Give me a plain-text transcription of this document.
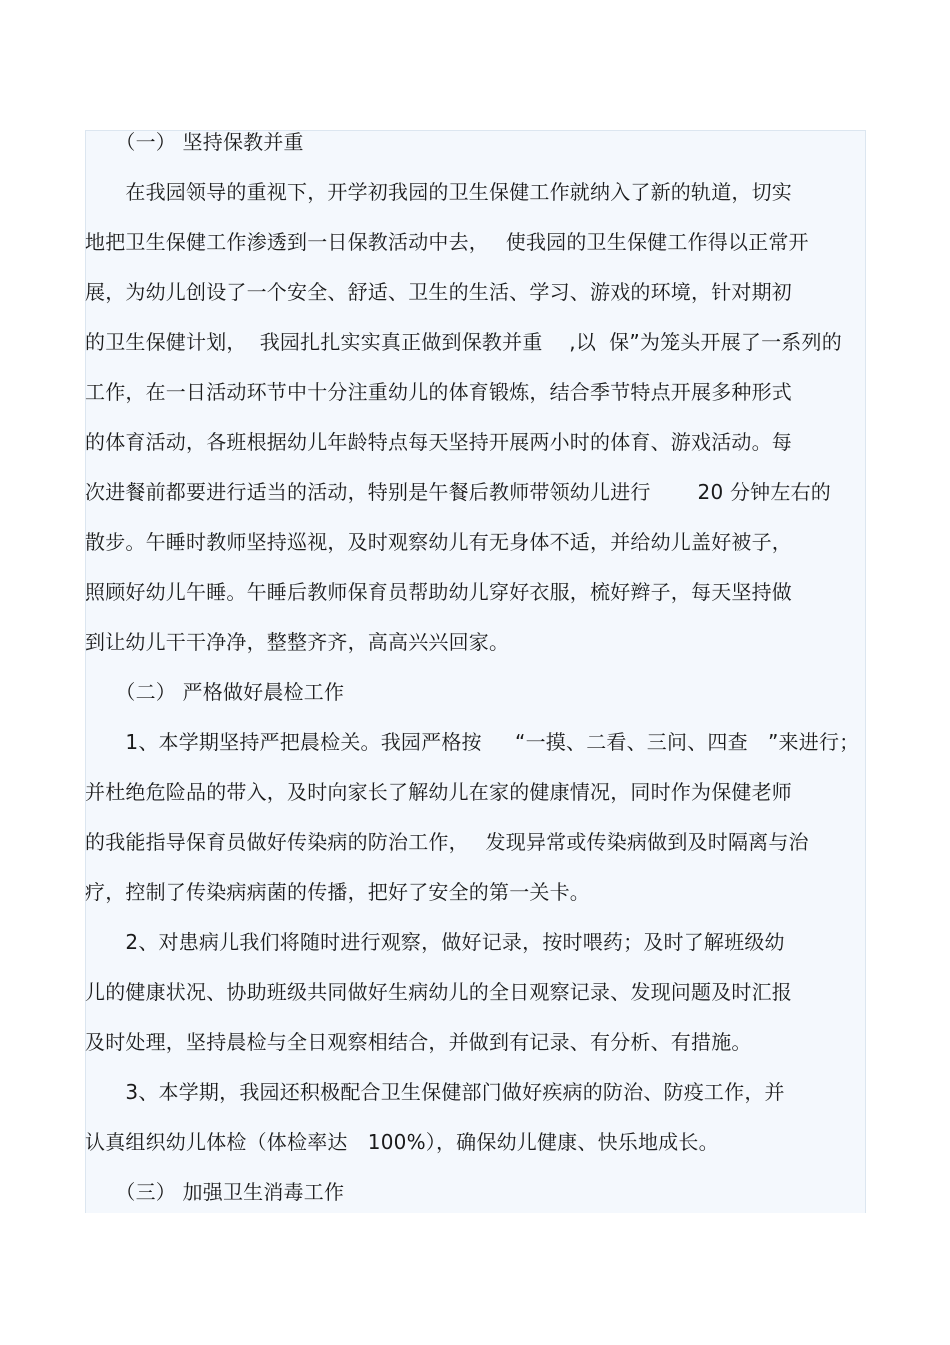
　　（一） 坚持保教并重
　　在我园领导的重视下，开学初我园的卫生保健工作就纳入了新的轨道，切实
地把卫生保健工作渗透到一日保教活动中去，　 使我园的卫生保健工作得以正常开
展，为幼儿创设了一个安全、舒适、卫生的生活、学习、游戏的环境，针对期初
的卫生保健计划，  我园扎扎实实真正做到保教并重　 ,以  保”为笼头开展了一系列的
工作，在一日活动环节中十分注重幼儿的体育锻炼，结合季节特点开展多种形式
的体育活动，各班根据幼儿年龄特点每天坚持开展两小时的体育、游戏活动。每
次进餐前都要进行适当的活动，特别是午餐后教师带领幼儿进行　　 20 分钟左右的
散步。午睡时教师坚持巡视，及时观察幼儿有无身体不适，并给幼儿盖好被子，
照顾好幼儿午睡。午睡后教师保育员帮助幼儿穿好衣服，梳好辫子，每天坚持做
到让幼儿干干净净，整整齐齐，高高兴兴回家。
　　（二） 严格做好晨检工作
　　1、本学期坚持严把晨检关。我园严格按　  “一摸、二看、三问、四查　”来进行；
并杜绝危险品的带入，及时向家长了解幼儿在家的健康情况，同时作为保健老师
的我能指导保育员做好传染病的防治工作，　 发现异常或传染病做到及时隔离与治
疗，控制了传染病病菌的传播，把好了安全的第一关卡。
　　2、对患病儿我们将随时进行观察，做好记录，按时喂药；及时了解班级幼
儿的健康状况、协助班级共同做好生病幼儿的全日观察记录、发现问题及时汇报
及时处理，坚持晨检与全日观察相结合，并做到有记录、有分析、有措施。
　　3、本学期，我园还积极配合卫生保健部门做好疾病的防治、防疫工作，并
认真组织幼儿体检（体检率达　100%），确保幼儿健康、快乐地成长。
　　（三） 加强卫生消毒工作
